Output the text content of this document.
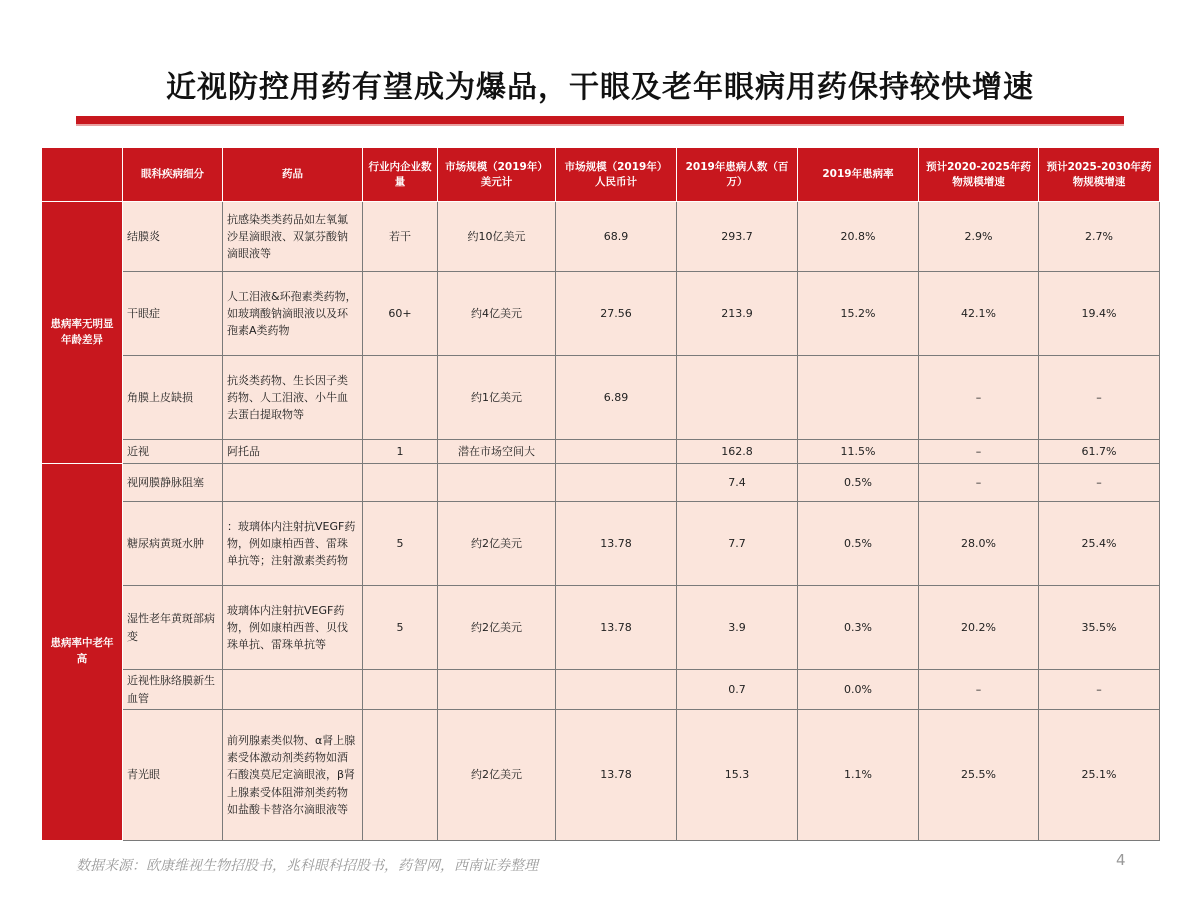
近视防控用药有望成为爆品，干眼及老年眼病用药保持较快增速
	眼科疾病细分	药品	行业内企业数量	市场规模（2019年）美元计	市场规模（2019年）人民币计	2019年患病人数（百万）	2019年患病率	预计2020-2025年药物规模增速	预计2025-2030年药物规模增速
患病率无明显年龄差异	结膜炎	抗感染类类药品如左氧氟沙星滴眼液、双氯芬酸钠滴眼液等	若干	约10亿美元	68.9	293.7	20.8%	2.9%	2.7%
	干眼症	人工泪液&环孢素类药物，如玻璃酸钠滴眼液以及环孢素A类药物	60+	约4亿美元	27.56	213.9	15.2%	42.1%	19.4%
	角膜上皮缺损	抗炎类药物、生长因子类药物、人工泪液、小牛血去蛋白提取物等		约1亿美元	6.89			–	–
	近视	阿托品	1	潜在市场空间大		162.8	11.5%	–	61.7%
患病率中老年高	视网膜静脉阻塞					7.4	0.5%	–	–
	糖尿病黄斑水肿	：玻璃体内注射抗VEGF药物，例如康柏西普、雷珠单抗等；注射激素类药物	5	约2亿美元	13.78	7.7	0.5%	28.0%	25.4%
	湿性老年黄斑部病变	玻璃体内注射抗VEGF药物，例如康柏西普、贝伐珠单抗、雷珠单抗等	5	约2亿美元	13.78	3.9	0.3%	20.2%	35.5%
	近视性脉络膜新生血管					0.7	0.0%	–	–
	青光眼	前列腺素类似物、α肾上腺素受体激动剂类药物如酒石酸溴莫尼定滴眼液，β肾上腺素受体阻滞剂类药物如盐酸卡替洛尔滴眼液等		约2亿美元	13.78	15.3	1.1%	25.5%	25.1%
数据来源：欧康维视生物招股书，兆科眼科招股书，药智网，西南证券整理	4
